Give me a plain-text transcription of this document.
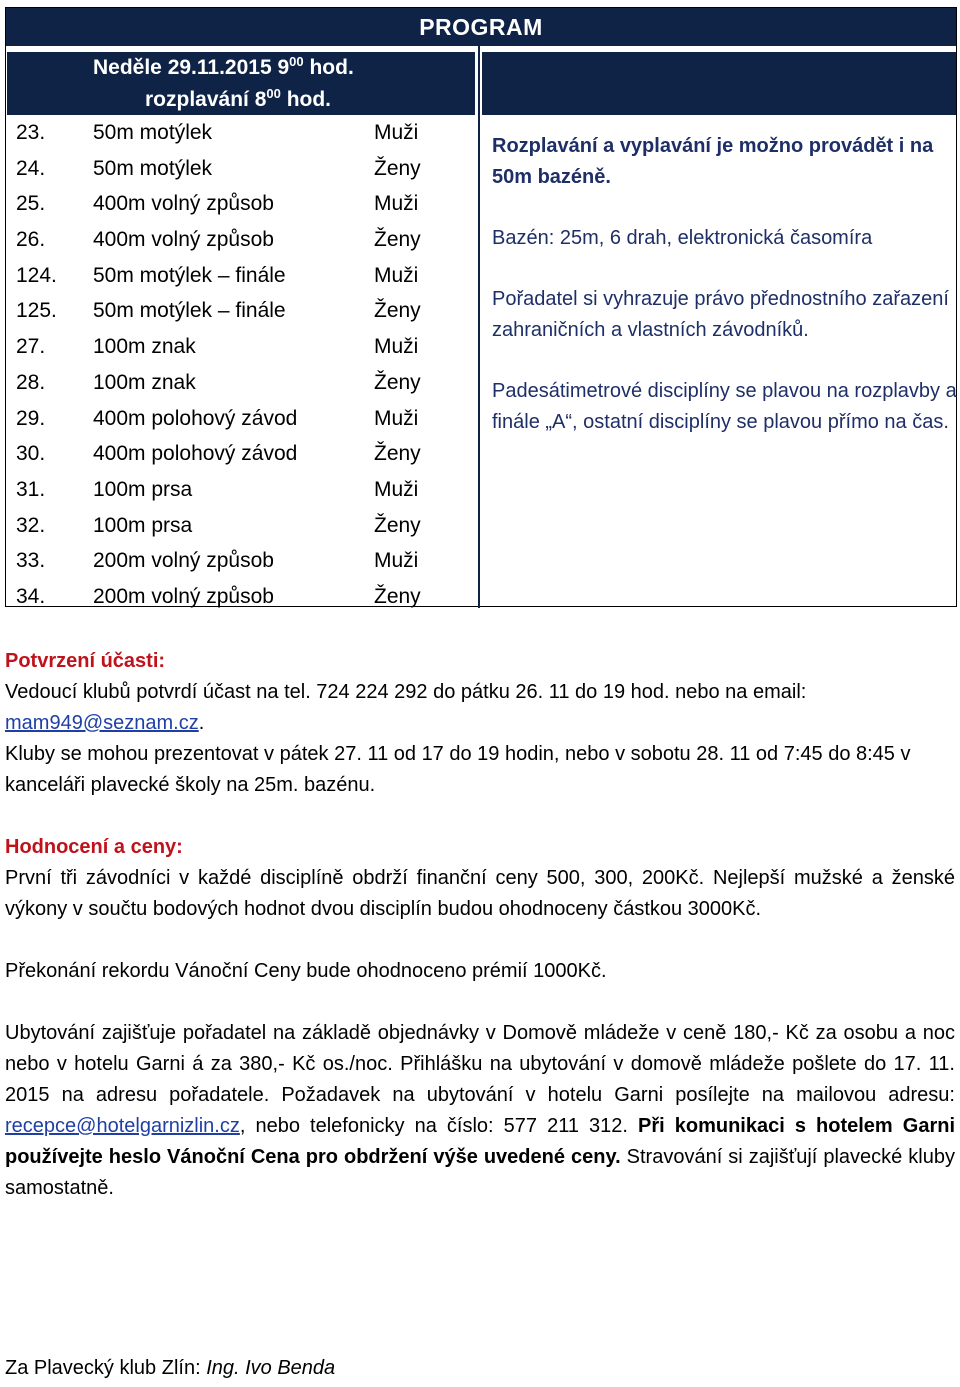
PROGRAM
Neděle 29.11.2015 $9^{00}$ hod.
rozplavání $8^{00}$ hod.
23. 50m motýlek	Muži
24. 50m motýlek	Ženy
25. 400m volný způsob	Muži
26. 400m volný způsob	Ženy
124. 50m motýlek – finále	Muži
125. 50m motýlek – finále	Ženy
27. 100m znak	Muži
28. 100m znak	Ženy
29. 400m polohový závod	Muži
30. 400m polohový závod	Ženy
31. 100m prsa	Muži
32. 100m prsa	Ženy
33. 200m volný způsob	Muži
34. 200m volný způsob	Ženy

Rozplavání a vyplavání je možno provádět i na 50m bazéně.

Bazén: 25m, 6 drah, elektronická časomíra

Pořadatel si vyhrazuje právo přednostního zařazení zahraničních a vlastních závodníků.

Padesátimetrové disciplíny se plavou na rozplavby a finále „A“, ostatní disciplíny se plavou přímo na čas.

Potvrzení účasti:

Vedoucí klubů potvrdí účast na tel. 724 224 292 do pátku 26. 11 do 19 hod. nebo na email:
mam949@seznam.cz.

Kluby se mohou prezentovat v pátek 27. 11 od 17 do 19 hodin, nebo v sobotu 28. 11 od 7:45 do 8:45 v kanceláři plavecké školy na 25m. bazénu.

Hodnocení a ceny:

První tři závodníci v každé disciplíně obdrží finanční ceny 500, 300, 200Kč. Nejlepší mužské a ženské výkony v součtu bodových hodnot dvou disciplín budou ohodnoceny částkou 3000Kč.

Překonání rekordu Vánoční Ceny bude ohodnoceno prémií 1000Kč.

Ubytování zajišťuje pořadatel na základě objednávky v Domově mládeže v ceně 180,- Kč za osobu a noc nebo v hotelu Garni á za 380,- Kč os./noc. Přihlášku na ubytování v domově mládeže pošlete do 17. 11. 2015 na adresu pořadatele. Požadavek na ubytování v hotelu Garni posílejte na mailovou adresu: recepce@hotelgarnizlin.cz, nebo telefonicky na číslo: 577 211 312. Při komunikaci s hotelem Garni používejte heslo Vánoční Cena pro obdržení výše uvedené ceny. Stravování si zajišťují plavecké kluby samostatně.

Za Plavecký klub Zlín: Ing. Ivo Benda
